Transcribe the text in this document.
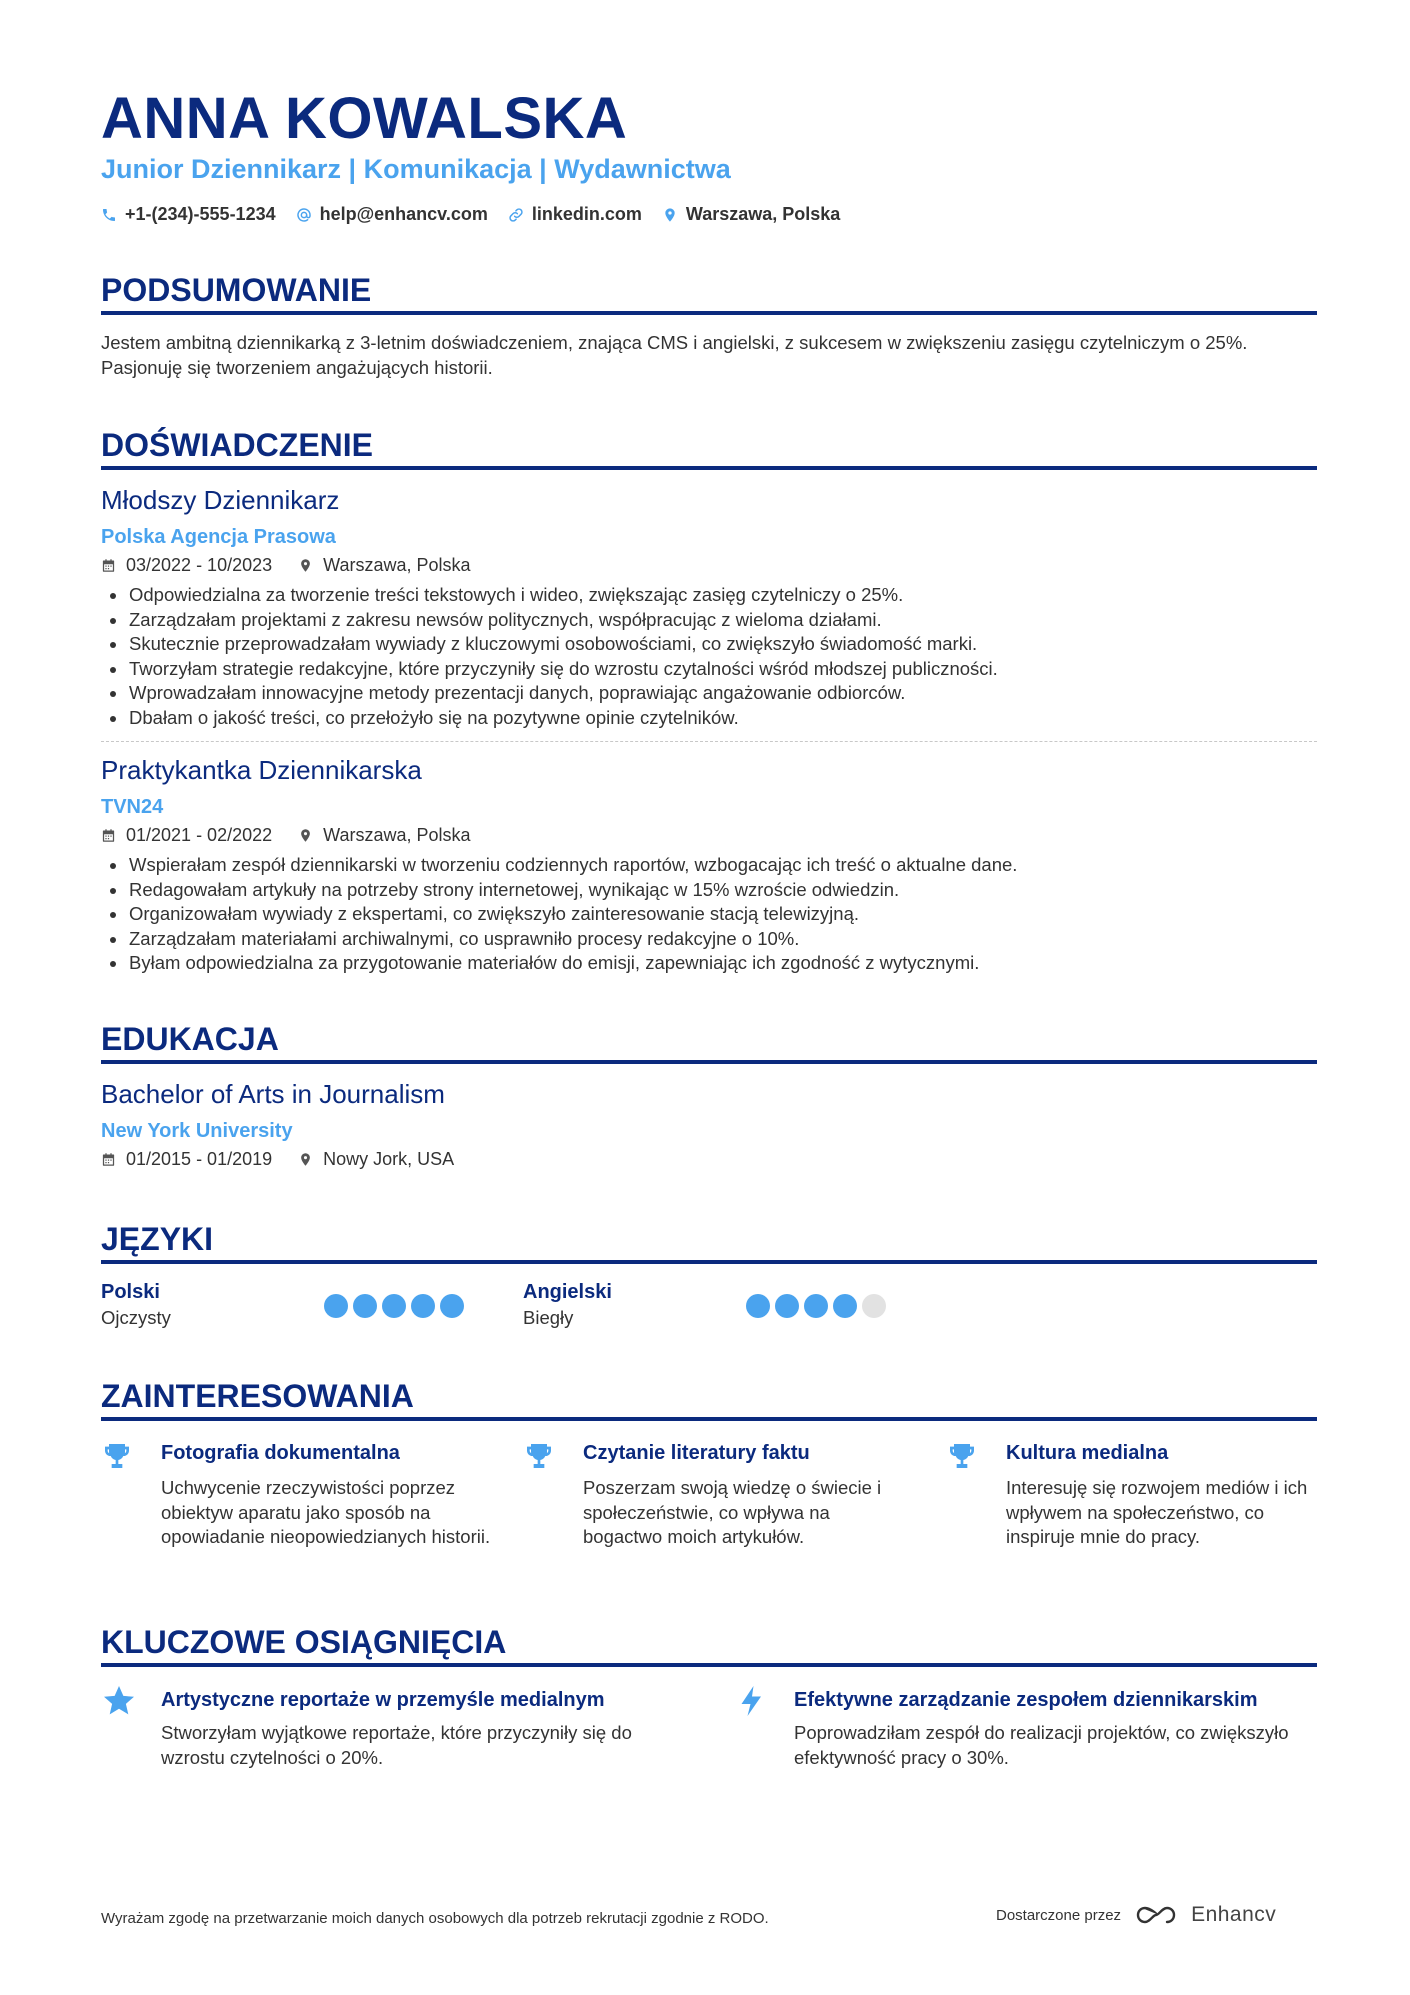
ANNA KOWALSKA
Junior Dziennikarz | Komunikacja | Wydawnictwa
+1-(234)-555-1234 help@enhancv.com linkedin.com Warszawa, Polska
PODSUMOWANIE
Jestem ambitną dziennikarką z 3-letnim doświadczeniem, znająca CMS i angielski, z sukcesem w zwiększeniu zasięgu czytelniczym o 25%. Pasjonuję się tworzeniem angażujących historii.
DOŚWIADCZENIE
Młodszy Dziennikarz
Polska Agencja Prasowa
03/2022 - 10/2023	Warszawa, Polska
Odpowiedzialna za tworzenie treści tekstowych i wideo, zwiększając zasięg czytelniczy o 25%.
Zarządzałam projektami z zakresu newsów politycznych, współpracując z wieloma działami.
Skutecznie przeprowadzałam wywiady z kluczowymi osobowościami, co zwiększyło świadomość marki.
Tworzyłam strategie redakcyjne, które przyczyniły się do wzrostu czytalności wśród młodszej publiczności.
Wprowadzałam innowacyjne metody prezentacji danych, poprawiając angażowanie odbiorców.
Dbałam o jakość treści, co przełożyło się na pozytywne opinie czytelników.
Praktykantka Dziennikarska
TVN24
01/2021 - 02/2022	Warszawa, Polska
Wspierałam zespół dziennikarski w tworzeniu codziennych raportów, wzbogacając ich treść o aktualne dane.
Redagowałam artykuły na potrzeby strony internetowej, wynikając w 15% wzroście odwiedzin.
Organizowałam wywiady z ekspertami, co zwiększyło zainteresowanie stacją telewizyjną.
Zarządzałam materiałami archiwalnymi, co usprawniło procesy redakcyjne o 10%.
Byłam odpowiedzialna za przygotowanie materiałów do emisji, zapewniając ich zgodność z wytycznymi.
EDUKACJA
Bachelor of Arts in Journalism
New York University
01/2015 - 01/2019	Nowy Jork, USA
JĘZYKI
Polski
Ojczysty
Angielski
Biegły
ZAINTERESOWANIA
Fotografia dokumentalna
Uchwycenie rzeczywistości poprzez obiektyw aparatu jako sposób na opowiadanie nieopowiedzianych historii.
Czytanie literatury faktu
Poszerzam swoją wiedzę o świecie i społeczeństwie, co wpływa na bogactwo moich artykułów.
Kultura medialna
Interesuję się rozwojem mediów i ich wpływem na społeczeństwo, co inspiruje mnie do pracy.
KLUCZOWE OSIĄGNIĘCIA
Artystyczne reportaże w przemyśle medialnym
Stworzyłam wyjątkowe reportaże, które przyczyniły się do wzrostu czytelności o 20%.
Efektywne zarządzanie zespołem dziennikarskim
Poprowadziłam zespół do realizacji projektów, co zwiększyło efektywność pracy o 30%.
Wyrażam zgodę na przetwarzanie moich danych osobowych dla potrzeb rekrutacji zgodnie z RODO.	Dostarczone przez	Enhancv
